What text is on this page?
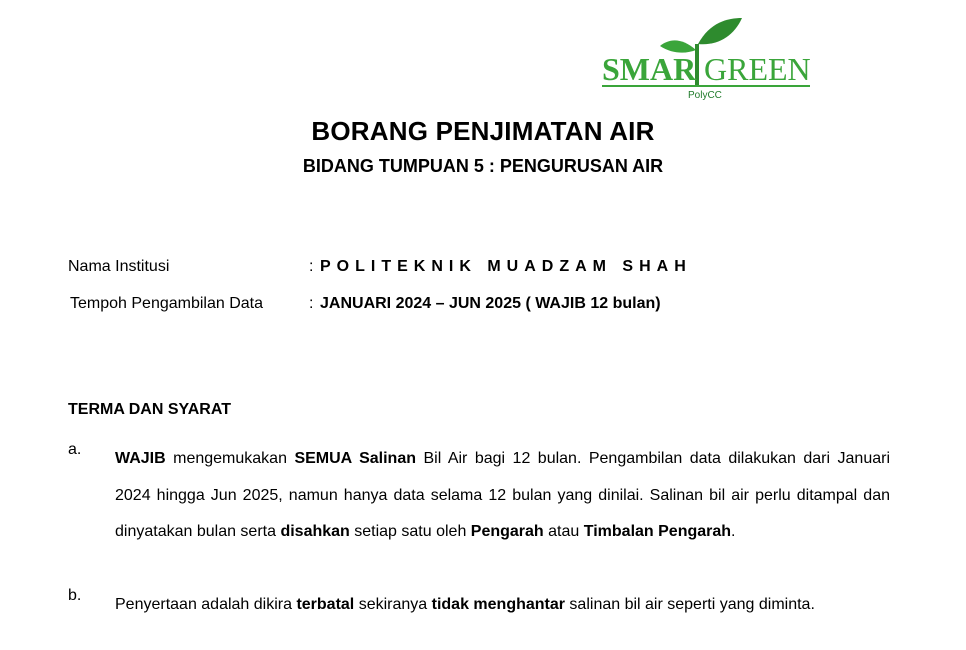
SMAR GREEN
PolyCC
BORANG PENJIMATAN AIR
BIDANG TUMPUAN 5 : PENGURUSAN AIR
Nama Institusi	: POLITEKNIK MUADZAM SHAH
Tempoh Pengambilan Data	: JANUARI 2024 – JUN 2025 ( WAJIB 12 bulan)
TERMA DAN SYARAT
a.
WAJIB mengemukakan SEMUA Salinan Bil Air bagi 12 bulan. Pengambilan data dilakukan dari Januari 2024 hingga Jun 2025, namun hanya data selama 12 bulan yang dinilai. Salinan bil air perlu ditampal dan dinyatakan bulan serta disahkan setiap satu oleh Pengarah atau Timbalan Pengarah.
b.
Penyertaan adalah dikira terbatal sekiranya tidak menghantar salinan bil air seperti yang diminta.
